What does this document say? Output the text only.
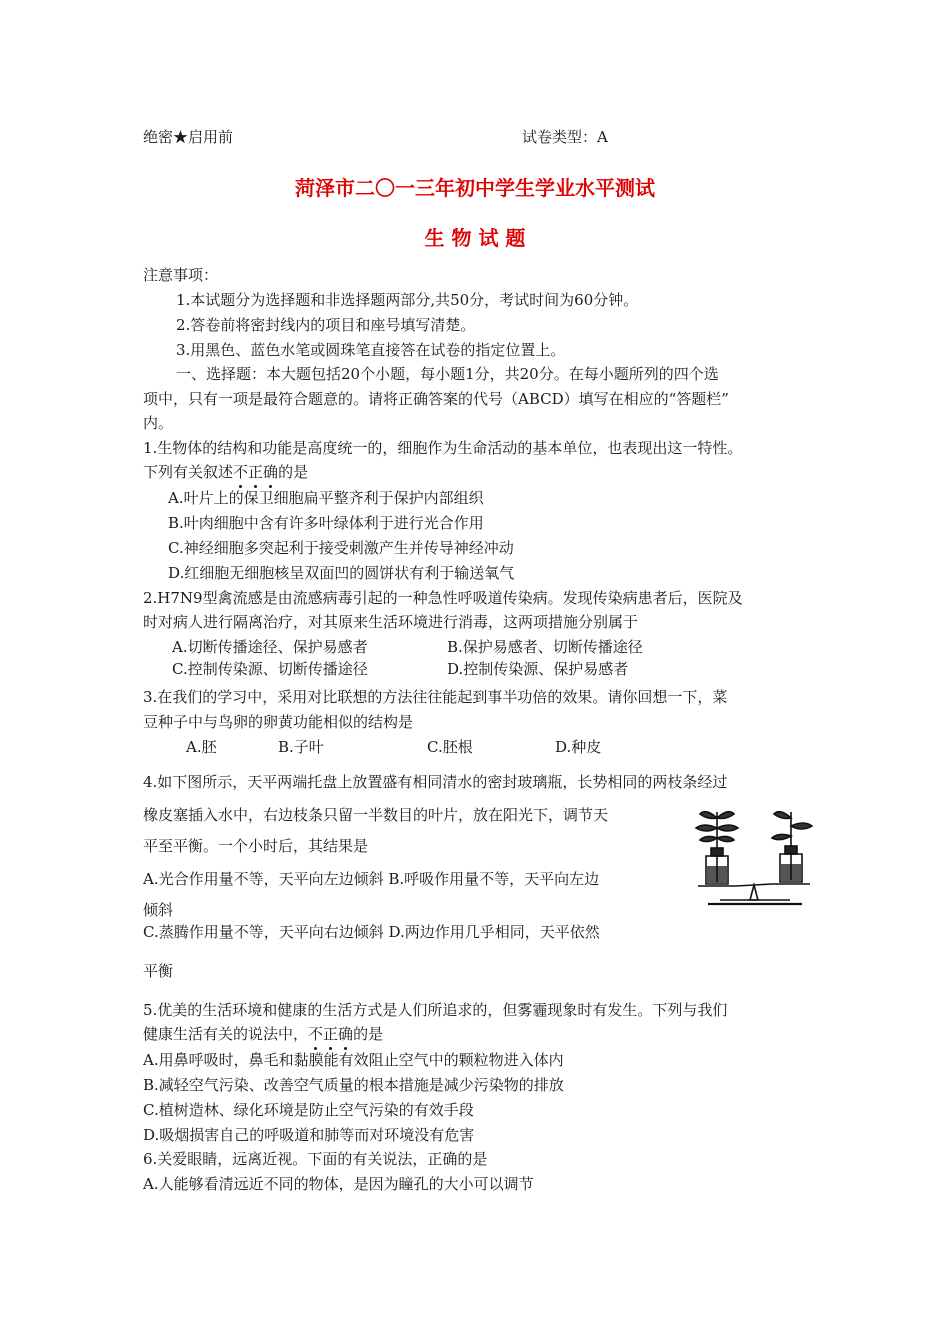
绝密★启用前	试卷类型：A
菏泽市二〇一三年初中学生学业水平测试
生 物 试 题
注意事项：
1.本试题分为选择题和非选择题两部分,共50分，考试时间为60分钟。
2.答卷前将密封线内的项目和座号填写清楚。
3.用黑色、蓝色水笔或圆珠笔直接答在试卷的指定位置上。
一、选择题：本大题包括20个小题，每小题1分，共20分。在每小题所列的四个选
项中，只有一项是最符合题意的。请将正确答案的代号（ABCD）填写在相应的“答题栏”
内。
1.生物体的结构和功能是高度统一的，细胞作为生命活动的基本单位，也表现出这一特性。
下列有关叙述不正确的是
A.叶片上的保卫细胞扁平整齐利于保护内部组织
B.叶肉细胞中含有许多叶绿体利于进行光合作用
C.神经细胞多突起利于接受刺激产生并传导神经冲动
D.红细胞无细胞核呈双面凹的圆饼状有利于输送氧气
2.H7N9型禽流感是由流感病毒引起的一种急性呼吸道传染病。发现传染病患者后，医院及
时对病人进行隔离治疗，对其原来生活环境进行消毒，这两项措施分别属于
A.切断传播途径、保护易感者	B.保护易感者、切断传播途径
C.控制传染源、切断传播途径	D.控制传染源、保护易感者
3.在我们的学习中，采用对比联想的方法往往能起到事半功倍的效果。请你回想一下，菜
豆种子中与鸟卵的卵黄功能相似的结构是
A.胚	B.子叶	C.胚根	D.种皮
4.如下图所示，天平两端托盘上放置盛有相同清水的密封玻璃瓶，长势相同的两枝条经过
橡皮塞插入水中，右边枝条只留一半数目的叶片，放在阳光下，调节天
平至平衡。一个小时后，其结果是
A.光合作用量不等，天平向左边倾斜 B.呼吸作用量不等，天平向左边
倾斜
C.蒸腾作用量不等，天平向右边倾斜 D.两边作用几乎相同，天平依然
平衡
5.优美的生活环境和健康的生活方式是人们所追求的，但雾霾现象时有发生。下列与我们
健康生活有关的说法中，不正确的是
A.用鼻呼吸时，鼻毛和黏膜能有效阻止空气中的颗粒物进入体内
B.减轻空气污染、改善空气质量的根本措施是减少污染物的排放
C.植树造林、绿化环境是防止空气污染的有效手段
D.吸烟损害自己的呼吸道和肺等而对环境没有危害
6.关爱眼睛，远离近视。下面的有关说法，正确的是
A.人能够看清远近不同的物体，是因为瞳孔的大小可以调节
